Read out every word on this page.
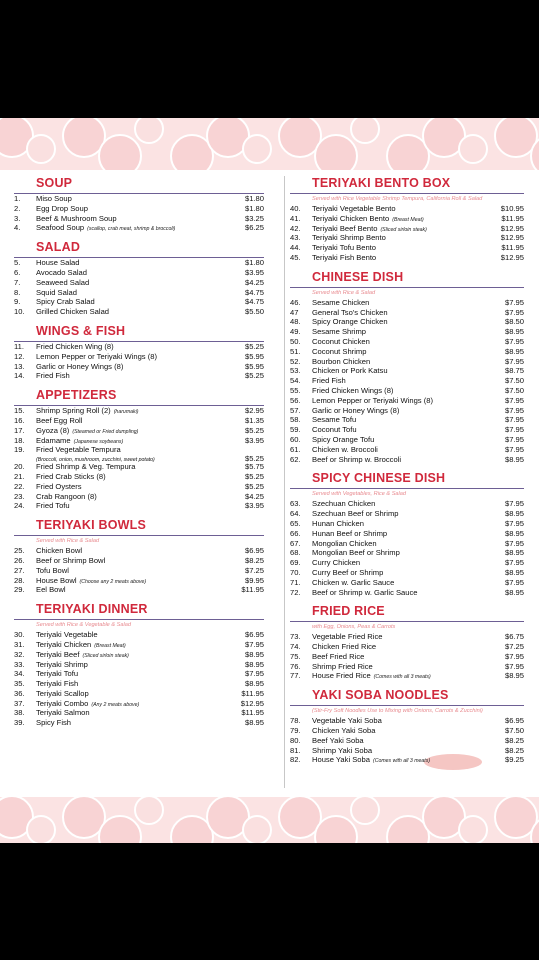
SOUP
1.	Miso Soup	$1.80
2.	Egg Drop Soup	$1.80
3.	Beef & Mushroom Soup	$3.25
4.	Seafood Soup (scallop, crab meat, shrimp & broccoli)	$6.25
SALAD
5.	House Salad	$1.80
6.	Avocado Salad	$3.95
7.	Seaweed Salad	$4.25
8.	Squid Salad	$4.75
9.	Spicy Crab Salad	$4.75
10.	Grilled Chicken Salad	$5.50
WINGS & FISH
11.	Fried Chicken Wing (8)	$5.25
12.	Lemon Pepper or Teriyaki Wings (8)	$5.95
13.	Garlic or Honey Wings (8)	$5.95
14.	Fried Fish	$5.25
APPETIZERS
15.	Shrimp Spring Roll (2) (harumaki)	$2.95
16.	Beef Egg Roll	$1.35
17.	Gyoza (8) (Steamed or Fried dumpling)	$5.25
18.	Edamame (Japanese soybeans)	$3.95
19.	Fried Vegetable Tempura
(Broccoli, onion, mushroom, zucchini, sweet potato)	$5.25
20.	Fried Shrimp & Veg. Tempura	$5.75
21.	Fried Crab Sticks (8)	$5.25
22.	Fried Oysters	$5.25
23.	Crab Rangoon (8)	$4.25
24.	Fried Tofu	$3.95
TERIYAKI BOWLS
Served with Rice & Salad
25.	Chicken Bowl	$6.95
26.	Beef or Shrimp Bowl	$8.25
27.	Tofu Bowl	$7.25
28.	House Bowl (Choose any 2 meats above)	$9.95
29.	Eel Bowl	$11.95
TERIYAKI DINNER
Served with Rice & Vegetable & Salad
30.	Teriyaki Vegetable	$6.95
31.	Teriyaki Chicken (Breast Meat)	$7.95
32.	Teriyaki Beef (Sliced sirloin steak)	$8.95
33.	Teriyaki Shrimp	$8.95
34.	Teriyaki Tofu	$7.95
35.	Teriyaki Fish	$8.95
36.	Teriyaki Scallop	$11.95
37.	Teriyaki Combo (Any 2 meats above)	$12.95
38.	Teriyaki Salmon	$11.95
39.	Spicy Fish	$8.95
TERIYAKI BENTO BOX
Served with Rice Vegetable Shrimp Tempura, California Roll & Salad
40.	Teriyaki Vegetable Bento	$10.95
41.	Teriyaki Chicken Bento (Breast Meat)	$11.95
42.	Teriyaki Beef Bento (Sliced sirloin steak)	$12.95
43.	Teriyaki Shrimp Bento	$12.95
44.	Teriyaki Tofu Bento	$11.95
45.	Teriyaki Fish Bento	$12.95
CHINESE DISH
Served with Rice & Salad
46.	Sesame Chicken	$7.95
47	General Tso's Chicken	$7.95
48.	Spicy Orange Chicken	$8.50
49.	Sesame Shrimp	$8.95
50.	Coconut Chicken	$7.95
51.	Coconut Shrimp	$8.95
52.	Bourbon Chicken	$7.95
53.	Chicken or Pork Katsu	$8.75
54.	Fried Fish	$7.50
55.	Fried Chicken Wings (8)	$7.50
56.	Lemon Pepper or Teriyaki Wings (8)	$7.95
57.	Garlic or Honey Wings (8)	$7.95
58.	Sesame Tofu	$7.95
59.	Coconut Tofu	$7.95
60.	Spicy Orange Tofu	$7.95
61.	Chicken w. Broccoli	$7.95
62.	Beef or Shrimp w. Broccoli	$8.95
SPICY CHINESE DISH
Served with Vegetables, Rice & Salad
63.	Szechuan Chicken	$7.95
64.	Szechuan Beef or Shrimp	$8.95
65.	Hunan Chicken	$7.95
66.	Hunan Beef or Shrimp	$8.95
67.	Mongolian Chicken	$7.95
68.	Mongolian Beef or Shrimp	$8.95
69.	Curry Chicken	$7.95
70.	Curry Beef or Shrimp	$8.95
71.	Chicken w. Garlic Sauce	$7.95
72.	Beef or Shrimp w. Garlic Sauce	$8.95
FRIED RICE
with Egg, Onions, Peas & Carrots
73.	Vegetable Fried Rice	$6.75
74.	Chicken Fried Rice	$7.25
75.	Beef Fried Rice	$7.95
76.	Shrimp Fried Rice	$7.95
77.	House Fried Rice (Comes with all 3 meats)	$8.95
YAKI SOBA NOODLES
(Stir-Fry Soft Noodles Use to Mixing with Onions, Carrots & Zucchini)
78.	Vegetable Yaki Soba	$6.95
79.	Chicken Yaki Soba	$7.50
80.	Beef Yaki Soba	$8.25
81.	Shrimp Yaki Soba	$8.25
82.	House Yaki Soba (Comes with all 3 meats)	$9.25
